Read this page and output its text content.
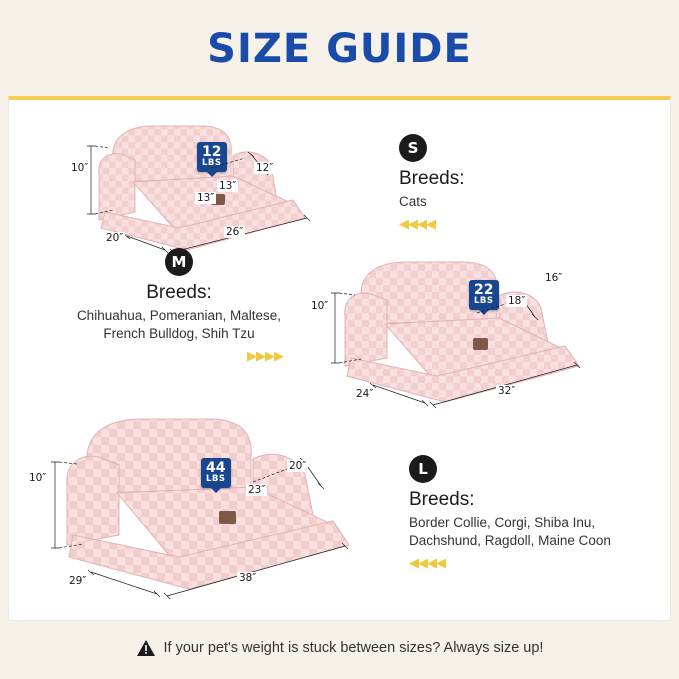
SIZE GUIDE
12
LBS
10″	12″
13″
13″
20″	26″
S
Breeds:
Cats
◀◀◀◀
22
LBS
10″
16″
18″
24″	32″
M
Breeds:
Chihuahua, Pomeranian, Maltese,
French Bulldog, Shih Tzu
▶▶▶▶
44
LBS
10″
20″
23″
29″	38″
L
Breeds:
Border Collie, Corgi, Shiba Inu,
Dachshund, Ragdoll, Maine Coon
◀◀◀◀
If your pet's weight is stuck between sizes? Always size up!
